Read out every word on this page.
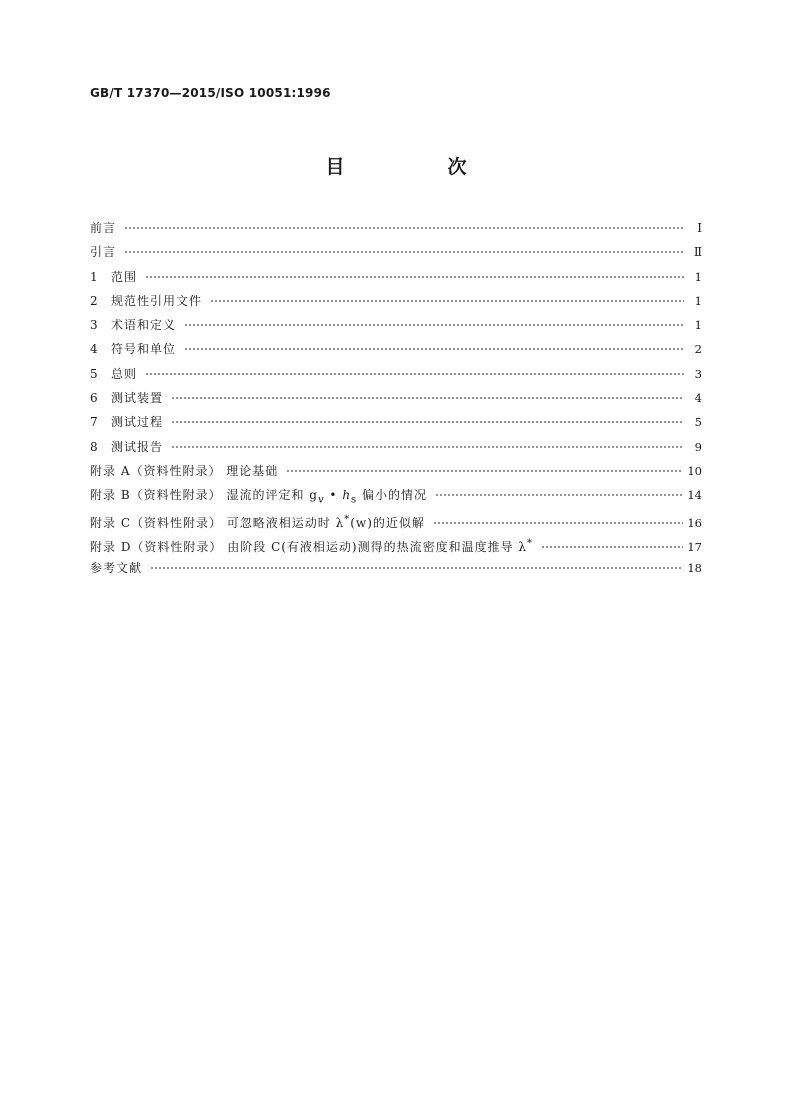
GB/T 17370—2015/ISO 10051:1996
目　次
前言	Ⅰ
引言	Ⅱ
1	范围	1
2	规范性引用文件	1
3	术语和定义	1
4	符号和单位	2
5	总则	3
6	测试装置	4
7	测试过程	5
8	测试报告	9
附录 A（资料性附录） 理论基础	10
附录 B（资料性附录） 湿流的评定和 $g_v$ • $h_s$ 偏小的情况	14
附录 C（资料性附录） 可忽略液相运动时 λ*(w)的近似解	16
附录 D（资料性附录） 由阶段 C(有液相运动)测得的热流密度和温度推导 λ*	17
参考文献	18
